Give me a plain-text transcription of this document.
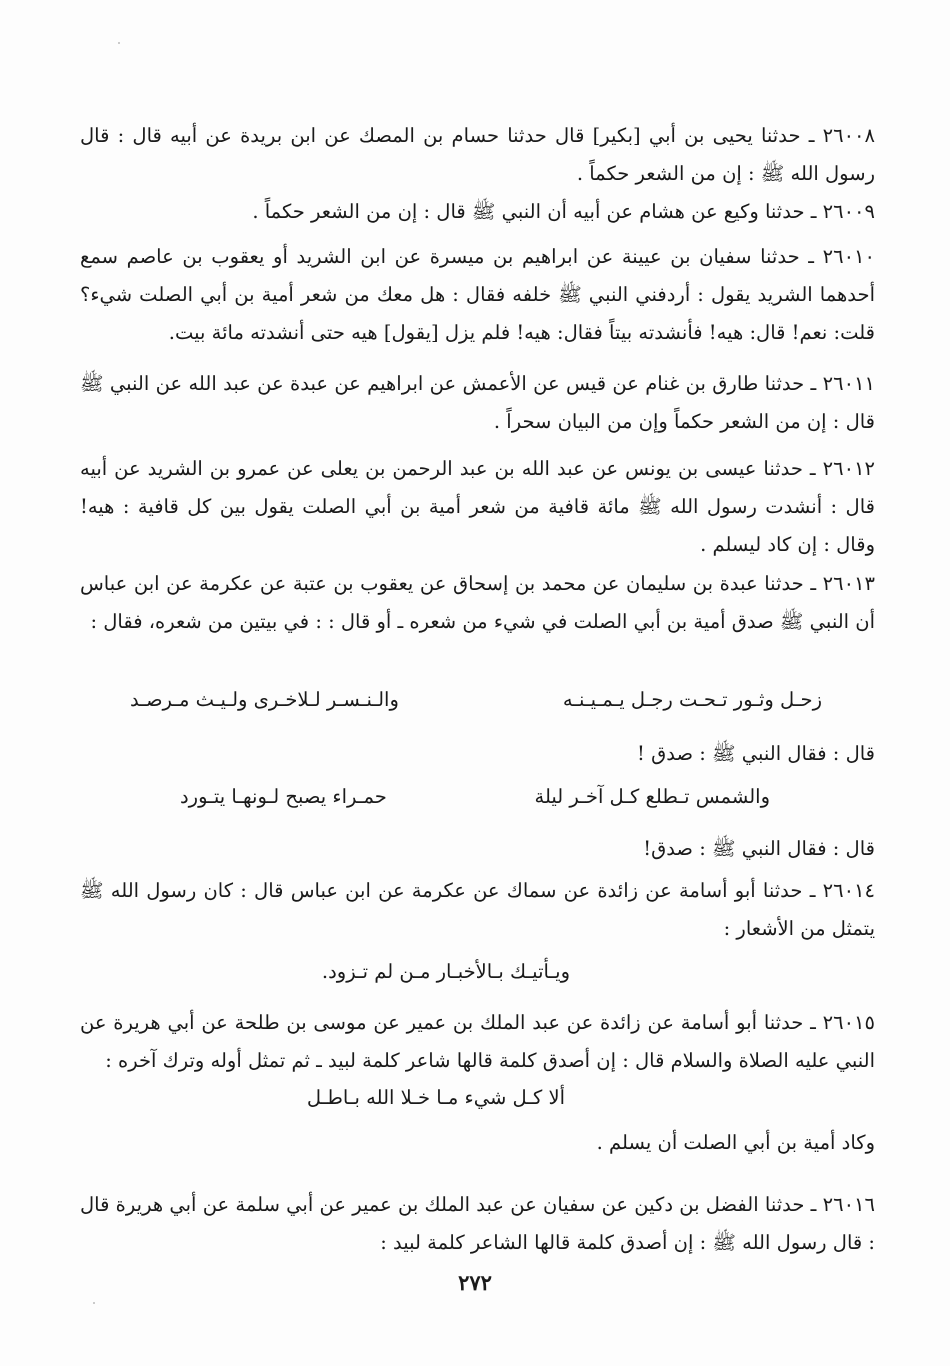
٢٦٠٠٨ ـ حدثنا يحيى بن أبي [بكير] قال حدثنا حسام بن المصك عن ابن بريدة عن أبيه قال : قال رسول الله ﷺ : إن من الشعر حكماً .

٢٦٠٠٩ ـ حدثنا وكيع عن هشام عن أبيه أن النبي ﷺ قال : إن من الشعر حكماً .

٢٦٠١٠ ـ حدثنا سفيان بن عيينة عن ابراهيم بن ميسرة عن ابن الشريد أو يعقوب بن عاصم سمع أحدهما الشريد يقول : أردفني النبي ﷺ خلفه فقال : هل معك من شعر أمية بن أبي الصلت شيء؟ قلت: نعم! قال: هيه! فأنشدته بيتاً فقال: هيه! فلم يزل [يقول] هيه حتى أنشدته مائة بيت.

٢٦٠١١ ـ حدثنا طارق بن غنام عن قيس عن الأعمش عن ابراهيم عن عبدة عن عبد الله عن النبي ﷺ قال : إن من الشعر حكماً وإن من البيان سحراً .

٢٦٠١٢ ـ حدثنا عيسى بن يونس عن عبد الله بن عبد الرحمن بن يعلى عن عمرو بن الشريد عن أبيه قال : أنشدت رسول الله ﷺ مائة قافية من شعر أمية بن أبي الصلت يقول بين كل قافية : هيه! وقال : إن كاد ليسلم .

٢٦٠١٣ ـ حدثنا عبدة بن سليمان عن محمد بن إسحاق عن يعقوب بن عتبة عن عكرمة عن ابن عباس أن النبي ﷺ صدق أمية بن أبي الصلت في شيء من شعره ـ أو قال : : في بيتين من شعره، فقال :

زحـل وثـور تـحـت رجـل يـمـيـنـه
والـنـسـر لـلاخـرى ولـيـث مـرصـد

قال : فقال النبي ﷺ : صدق !

والشمس تـطلع كـل آخـر ليلة
حمـراء يصبح لـونهـا يتـورد

قال : فقال النبي ﷺ : صدق!

٢٦٠١٤ ـ حدثنا أبو أسامة عن زائدة عن سماك عن عكرمة عن ابن عباس قال : كان رسول الله ﷺ يتمثل من الأشعار :

ويـأتيـك بـالأخبـار مـن لم تـزود.

٢٦٠١٥ ـ حدثنا أبو أسامة عن زائدة عن عبد الملك بن عمير عن موسى بن طلحة عن أبي هريرة عن النبي عليه الصلاة والسلام قال : إن أصدق كلمة قالها شاعر كلمة لبيد ـ ثم تمثل أوله وترك آخره :

ألا كـل شيء مـا خـلا الله بـاطـل

وكاد أمية بن أبي الصلت أن يسلم .

٢٦٠١٦ ـ حدثنا الفضل بن دكين عن سفيان عن عبد الملك بن عمير عن أبي سلمة عن أبي هريرة قال : قال رسول الله ﷺ : إن أصدق كلمة قالها الشاعر كلمة لبيد :

٢٧٢
